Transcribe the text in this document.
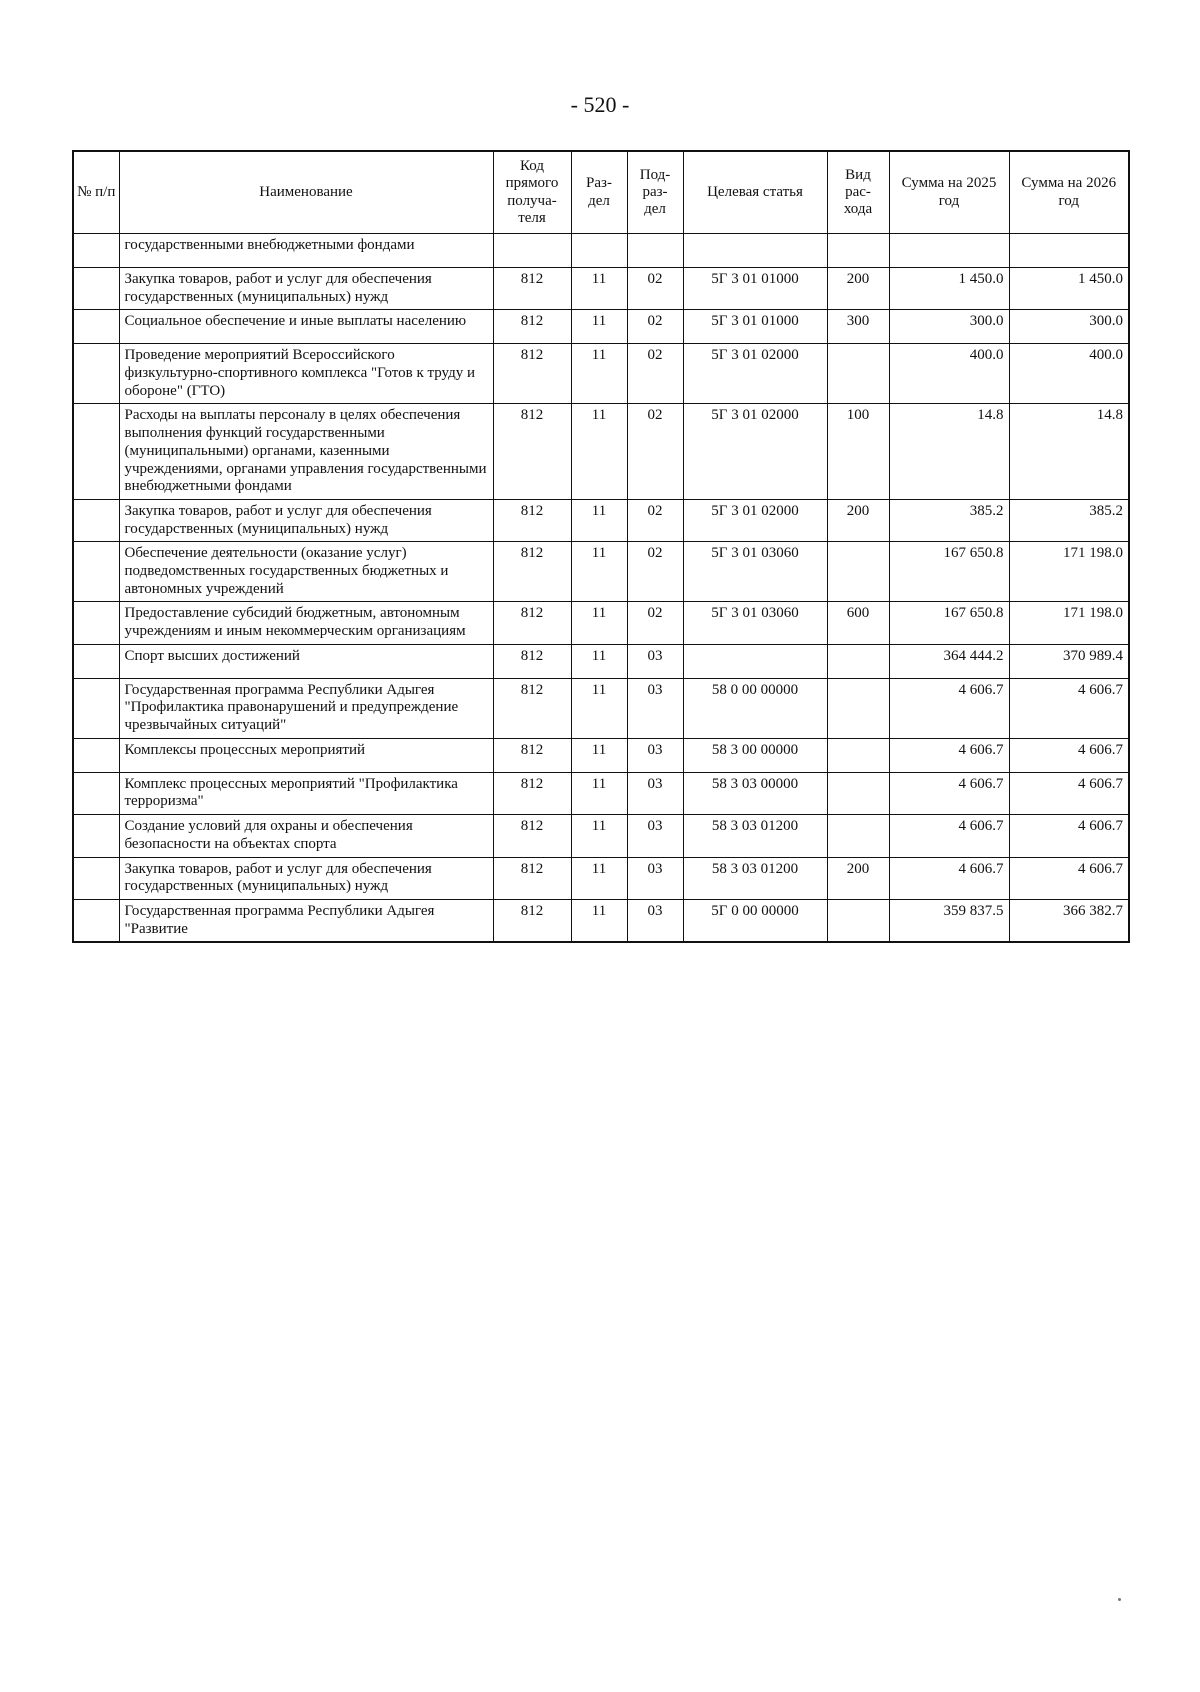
- 520 -
№ п/п	Наименование	Код прямого получа- теля	Раз- дел	Под- раз- дел	Целевая статья	Вид рас- хода	Сумма на 2025 год	Сумма на 2026 год
	государственными внебюджетными фондами							
	Закупка товаров, работ и услуг для обеспечения государственных (муниципальных) нужд	812	11	02	5Г 3 01 01000	200	1 450.0	1 450.0
	Социальное обеспечение и иные выплаты населению	812	11	02	5Г 3 01 01000	300	300.0	300.0
	Проведение мероприятий Всероссийского физкультурно-спортивного комплекса "Готов к труду и обороне" (ГТО)	812	11	02	5Г 3 01 02000		400.0	400.0
	Расходы на выплаты персоналу в целях обеспечения выполнения функций государственными (муниципальными) органами, казенными учреждениями, органами управления государственными внебюджетными фондами	812	11	02	5Г 3 01 02000	100	14.8	14.8
	Закупка товаров, работ и услуг для обеспечения государственных (муниципальных) нужд	812	11	02	5Г 3 01 02000	200	385.2	385.2
	Обеспечение деятельности (оказание услуг) подведомственных государственных бюджетных и автономных учреждений	812	11	02	5Г 3 01 03060		167 650.8	171 198.0
	Предоставление субсидий бюджетным, автономным учреждениям и иным некоммерческим организациям	812	11	02	5Г 3 01 03060	600	167 650.8	171 198.0
	Спорт высших достижений	812	11	03			364 444.2	370 989.4
	Государственная программа Республики Адыгея "Профилактика правонарушений и предупреждение чрезвычайных ситуаций"	812	11	03	58 0 00 00000		4 606.7	4 606.7
	Комплексы процессных мероприятий	812	11	03	58 3 00 00000		4 606.7	4 606.7
	Комплекс процессных мероприятий "Профилактика терроризма"	812	11	03	58 3 03 00000		4 606.7	4 606.7
	Создание условий для охраны и обеспечения безопасности на объектах спорта	812	11	03	58 3 03 01200		4 606.7	4 606.7
	Закупка товаров, работ и услуг для обеспечения государственных (муниципальных) нужд	812	11	03	58 3 03 01200	200	4 606.7	4 606.7
	Государственная программа Республики Адыгея "Развитие	812	11	03	5Г 0 00 00000		359 837.5	366 382.7
